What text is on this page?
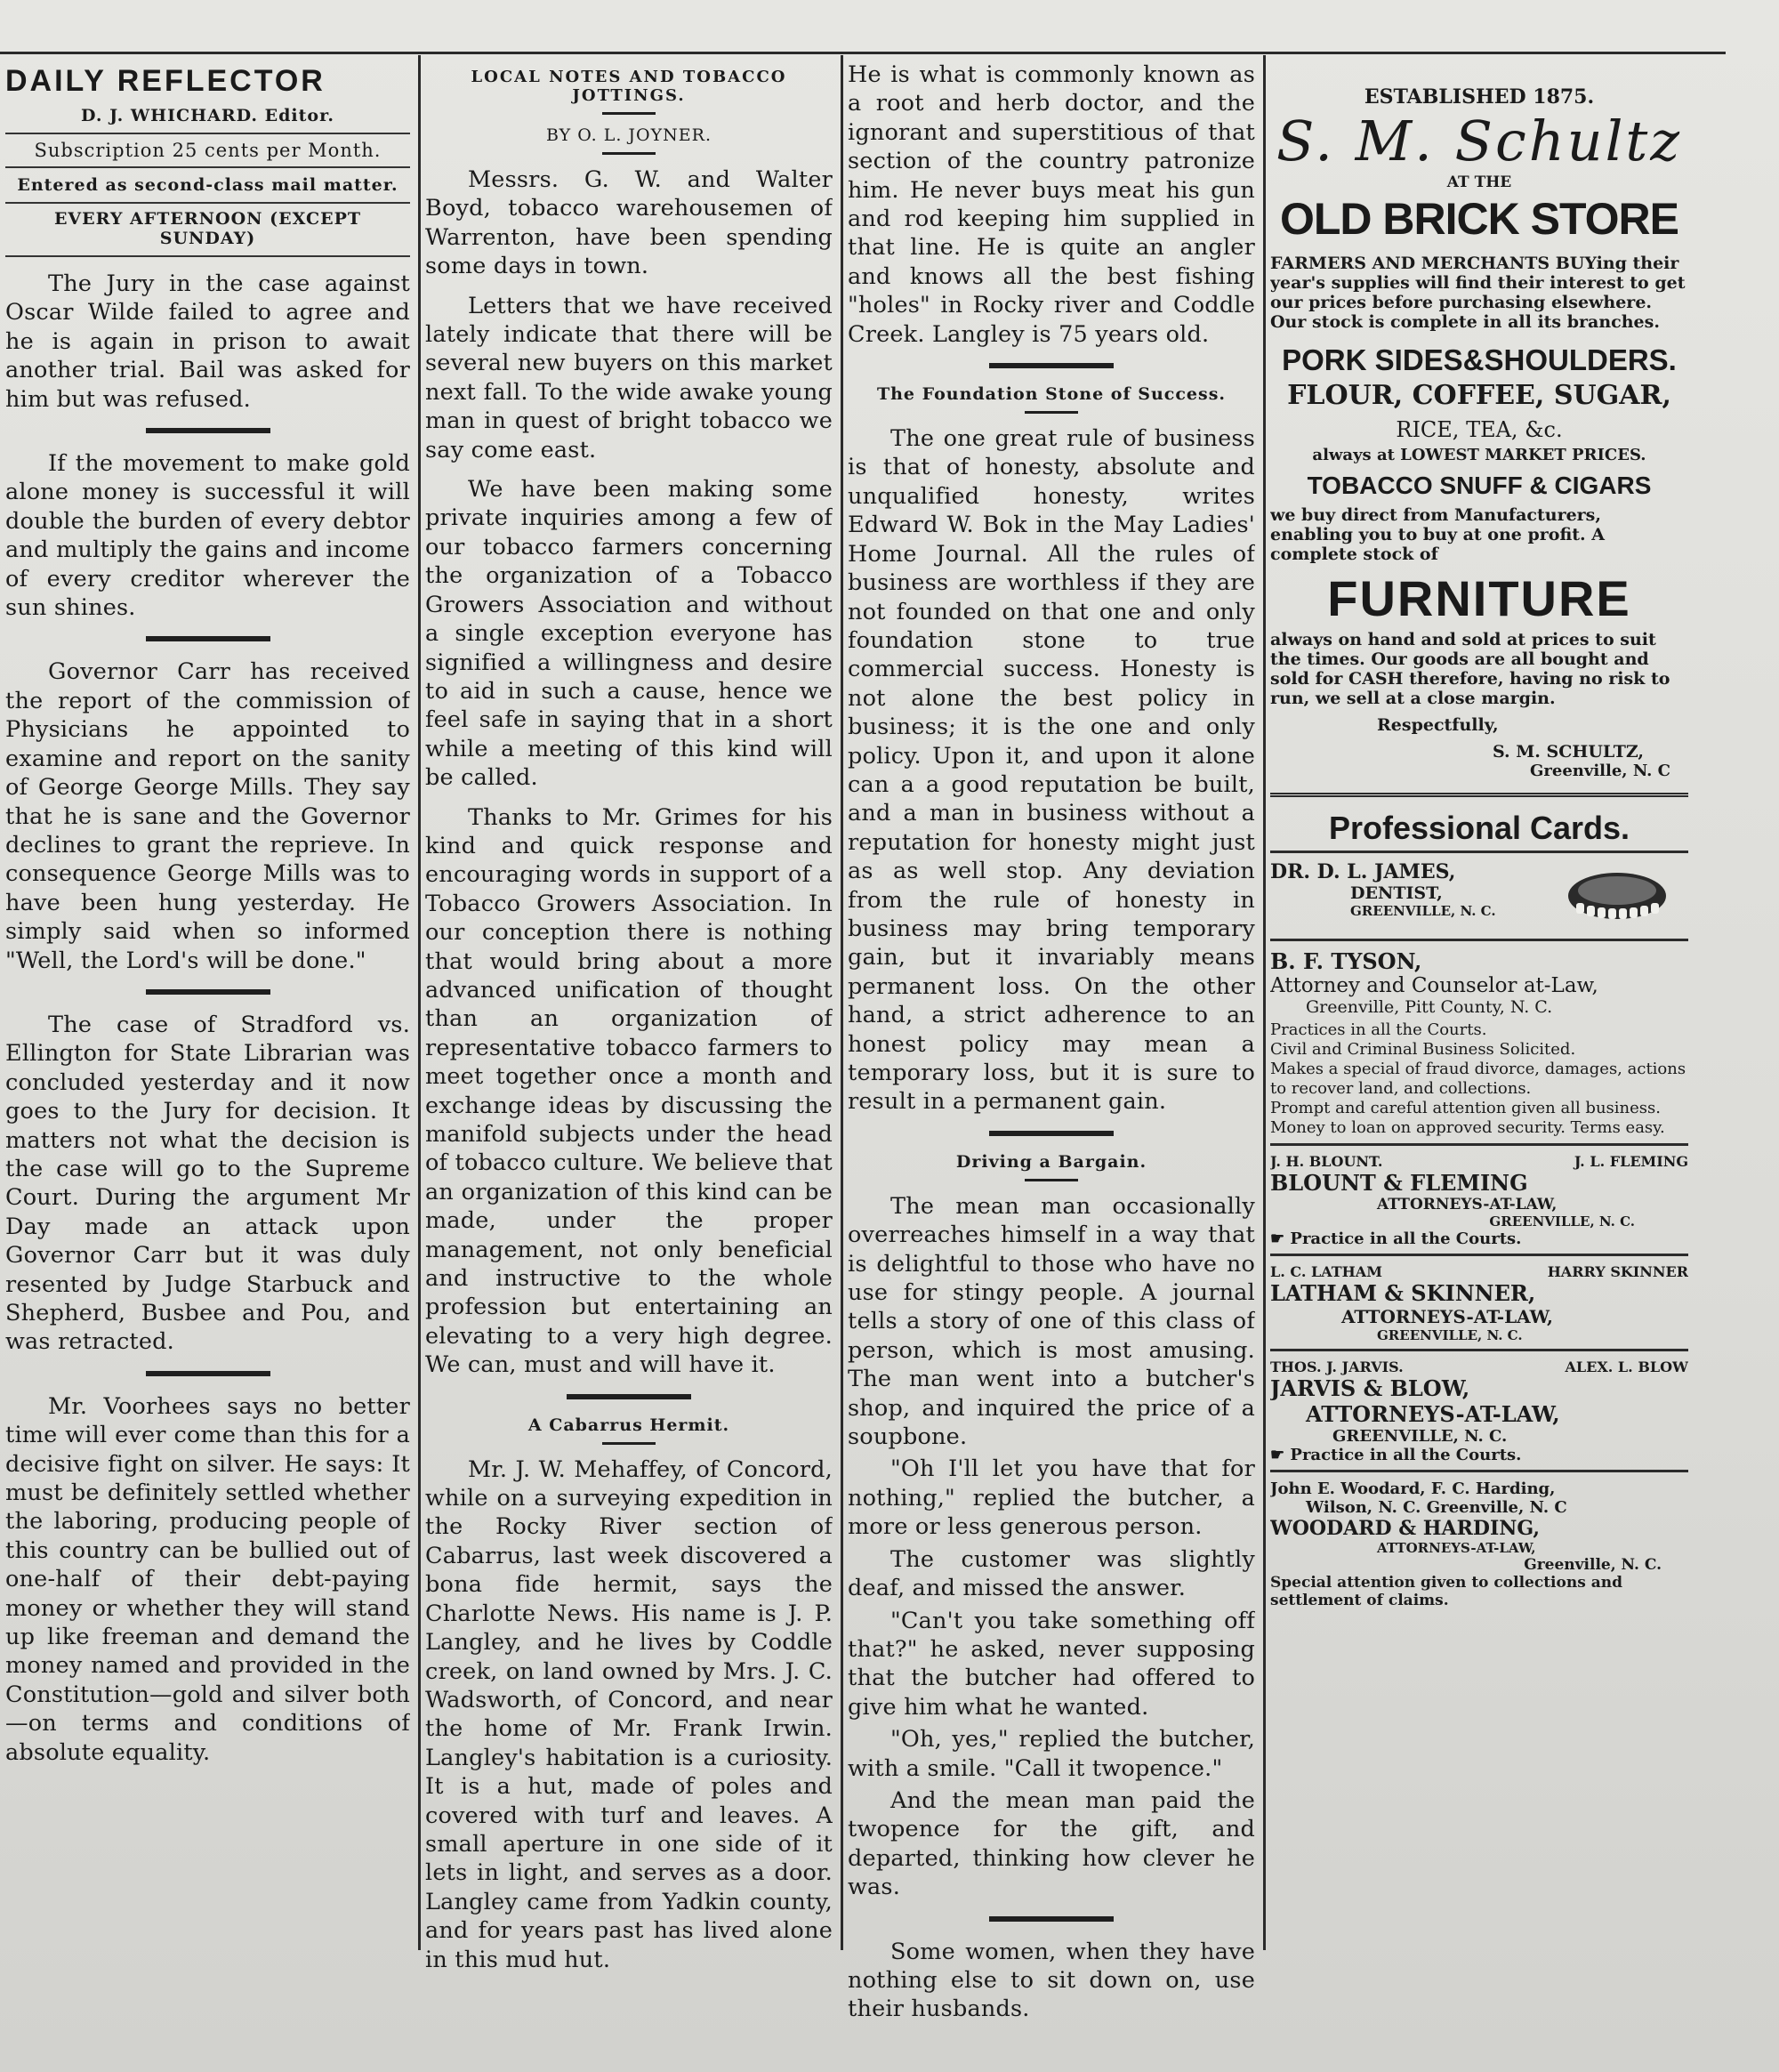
DAILY REFLECTOR
D. J. WHICHARD. Editor.
Subscription 25 cents per Month.
Entered as second-class mail matter.
EVERY AFTERNOON (EXCEPT SUNDAY)

The Jury in the case against Oscar Wilde failed to agree and he is again in prison to await another trial. Bail was asked for him but was refused.

If the movement to make gold alone money is successful it will double the burden of every debtor and multiply the gains and income of every creditor wherever the sun shines.

Governor Carr has received the report of the commission of Physicians he appointed to examine and report on the sanity of George George Mills. They say that he is sane and the Governor declines to grant the reprieve. In consequence George Mills was to have been hung yesterday. He simply said when so informed "Well, the Lord's will be done."

The case of Stradford vs. Ellington for State Librarian was concluded yesterday and it now goes to the Jury for decision. It matters not what the decision is the case will go to the Supreme Court. During the argument Mr Day made an attack upon Governor Carr but it was duly resented by Judge Starbuck and Shepherd, Busbee and Pou, and was retracted.

Mr. Voorhees says no better time will ever come than this for a decisive fight on silver. He says: It must be definitely settled whether the laboring, producing people of this country can be bullied out of one-half of their debt-paying money or whether they will stand up like freeman and demand the money named and provided in the Constitution—gold and silver both—on terms and conditions of absolute equality.

LOCAL NOTES AND TOBACCO JOTTINGS.
BY O. L. JOYNER.

Messrs. G. W. and Walter Boyd, tobacco warehousemen of Warrenton, have been spending some days in town.

Letters that we have received lately indicate that there will be several new buyers on this market next fall. To the wide awake young man in quest of bright tobacco we say come east.

We have been making some private inquiries among a few of our tobacco farmers concerning the organization of a Tobacco Growers Association and without a single exception everyone has signified a willingness and desire to aid in such a cause, hence we feel safe in saying that in a short while a meeting of this kind will be called.

Thanks to Mr. Grimes for his kind and quick response and encouraging words in support of a Tobacco Growers Association. In our conception there is nothing that would bring about a more advanced unification of thought than an organization of representative tobacco farmers to meet together once a month and exchange ideas by discussing the manifold subjects under the head of tobacco culture. We believe that an organization of this kind can be made, under the proper management, not only beneficial and instructive to the whole profession but entertaining an elevating to a very high degree. We can, must and will have it.

A Cabarrus Hermit.

Mr. J. W. Mehaffey, of Concord, while on a surveying expedition in the Rocky River section of Cabarrus, last week discovered a bona fide hermit, says the Charlotte News. His name is J. P. Langley, and he lives by Coddle creek, on land owned by Mrs. J. C. Wadsworth, of Concord, and near the home of Mr. Frank Irwin. Langley's habitation is a curiosity. It is a hut, made of poles and covered with turf and leaves. A small aperture in one side of it lets in light, and serves as a door. Langley came from Yadkin county, and for years past has lived alone in this mud hut.

He is what is commonly known as a root and herb doctor, and the ignorant and superstitious of that section of the country patronize him. He never buys meat his gun and rod keeping him supplied in that line. He is quite an angler and knows all the best fishing "holes" in Rocky river and Coddle Creek. Langley is 75 years old.

The Foundation Stone of Success.

The one great rule of business is that of honesty, absolute and unqualified honesty, writes Edward W. Bok in the May Ladies' Home Journal. All the rules of business are worthless if they are not founded on that one and only foundation stone to true commercial success. Honesty is not alone the best policy in business; it is the one and only policy. Upon it, and upon it alone can a a good reputation be built, and a man in business without a reputation for honesty might just as as well stop. Any deviation from the rule of honesty in business may bring temporary gain, but it invariably means permanent loss. On the other hand, a strict adherence to an honest policy may mean a temporary loss, but it is sure to result in a permanent gain.

Driving a Bargain.

The mean man occasionally overreaches himself in a way that is delightful to those who have no use for stingy people. A journal tells a story of one of this class of person, which is most amusing. The man went into a butcher's shop, and inquired the price of a soupbone.

"Oh I'll let you have that for nothing," replied the butcher, a more or less generous person.

The customer was slightly deaf, and missed the answer.

"Can't you take something off that?" he asked, never supposing that the butcher had offered to give him what he wanted.

"Oh, yes," replied the butcher, with a smile. "Call it twopence."

And the mean man paid the twopence for the gift, and departed, thinking how clever he was.

Some women, when they have nothing else to sit down on, use their husbands.

ESTABLISHED 1875.

S. M. Schultz

AT THE

OLD BRICK STORE

FARMERS AND MERCHANTS BUYing their year's supplies will find their interest to get our prices before purchasing elsewhere. Our stock is complete in all its branches.

PORK SIDES&SHOULDERS.

FLOUR, COFFEE, SUGAR,

RICE, TEA, &c.

always at LOWEST MARKET PRICES.

TOBACCO SNUFF & CIGARS

we buy direct from Manufacturers, enabling you to buy at one profit. A complete stock of

FURNITURE

always on hand and sold at prices to suit the times. Our goods are all bought and sold for CASH therefore, having no risk to run, we sell at a close margin.

Respectfully,

S. M. SCHULTZ,

Greenville, N. C

Professional Cards.

DR. D. L. JAMES,

DENTIST,

GREENVILLE, N. C.

B. F. TYSON,

Attorney and Counselor at-Law,

Greenville, Pitt County, N. C.

Practices in all the Courts.

Civil and Criminal Business Solicited.

Makes a special of fraud divorce, damages, actions to recover land, and collections.

Prompt and careful attention given all business.

Money to loan on approved security. Terms easy.

J. H. BLOUNT.	J. L. FLEMING

BLOUNT & FLEMING

ATTORNEYS-AT-LAW,

GREENVILLE, N. C.

☛ Practice in all the Courts.

L. C. LATHAM	HARRY SKINNER

LATHAM & SKINNER,

ATTORNEYS-AT-LAW,

GREENVILLE, N. C.

THOS. J. JARVIS.	ALEX. L. BLOW

JARVIS & BLOW,

ATTORNEYS-AT-LAW,

GREENVILLE, N. C.

☛ Practice in all the Courts.

John E. Woodard, F. C. Harding,

Wilson, N. C. Greenville, N. C

WOODARD & HARDING,

ATTORNEYS-AT-LAW,

Greenville, N. C.

Special attention given to collections and settlement of claims.
